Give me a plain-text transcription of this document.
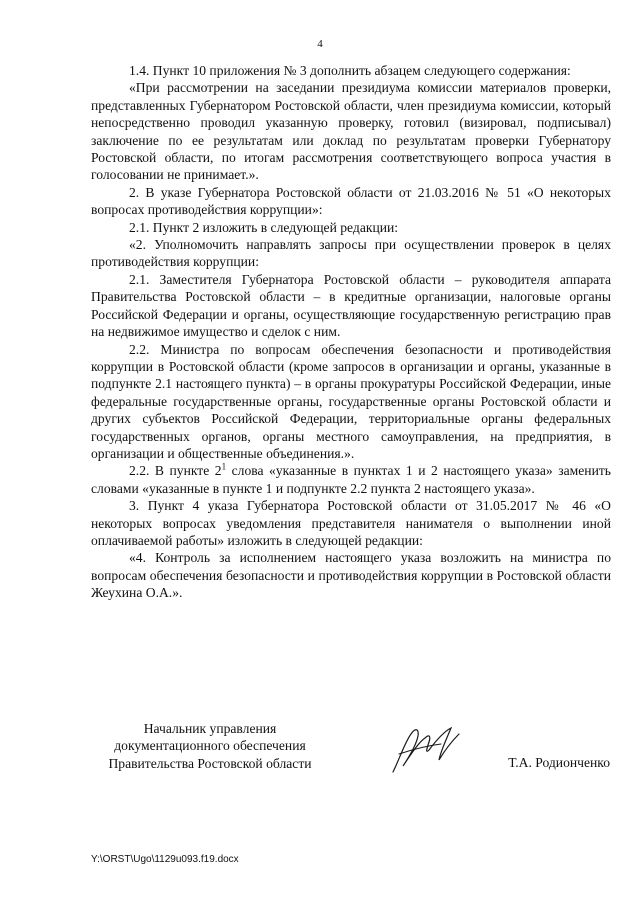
4

1.4. Пункт 10 приложения № 3 дополнить абзацем следующего содержания:

«При рассмотрении на заседании президиума комиссии материалов проверки, представленных Губернатором Ростовской области, член президиума комиссии, который непосредственно проводил указанную проверку, готовил (визировал, подписывал) заключение по ее результатам или доклад по результатам проверки Губернатору Ростовской области, по итогам рассмотрения соответствующего вопроса участия в голосовании не принимает.».

2. В указе Губернатора Ростовской области от 21.03.2016 № 51 «О некоторых вопросах противодействия коррупции»:

2.1. Пункт 2 изложить в следующей редакции:

«2. Уполномочить направлять запросы при осуществлении проверок в целях противодействия коррупции:

2.1. Заместителя Губернатора Ростовской области – руководителя аппарата Правительства Ростовской области – в кредитные организации, налоговые органы Российской Федерации и органы, осуществляющие государственную регистрацию прав на недвижимое имущество и сделок с ним.

2.2. Министра по вопросам обеспечения безопасности и противодействия коррупции в Ростовской области (кроме запросов в организации и органы, указанные в подпункте 2.1 настоящего пункта) – в органы прокуратуры Российской Федерации, иные федеральные государственные органы, государственные органы Ростовской области и других субъектов Российской Федерации, территориальные органы федеральных государственных органов, органы местного самоуправления, на предприятия, в организации и общественные объединения.».

2.2. В пункте $2^1$ слова «указанные в пунктах 1 и 2 настоящего указа» заменить словами «указанные в пункте 1 и подпункте 2.2 пункта 2 настоящего указа».

3. Пункт 4 указа Губернатора Ростовской области от 31.05.2017 № 46 «О некоторых вопросах уведомления представителя нанимателя о выполнении иной оплачиваемой работы» изложить в следующей редакции:

«4. Контроль за исполнением настоящего указа возложить на министра по вопросам обеспечения безопасности и противодействия коррупции в Ростовской области Жеухина О.А.».

Начальник управления
документационного обеспечения
Правительства Ростовской области	Т.А. Родионченко
Y:\ORST\Ugo\1129u093.f19.docx
